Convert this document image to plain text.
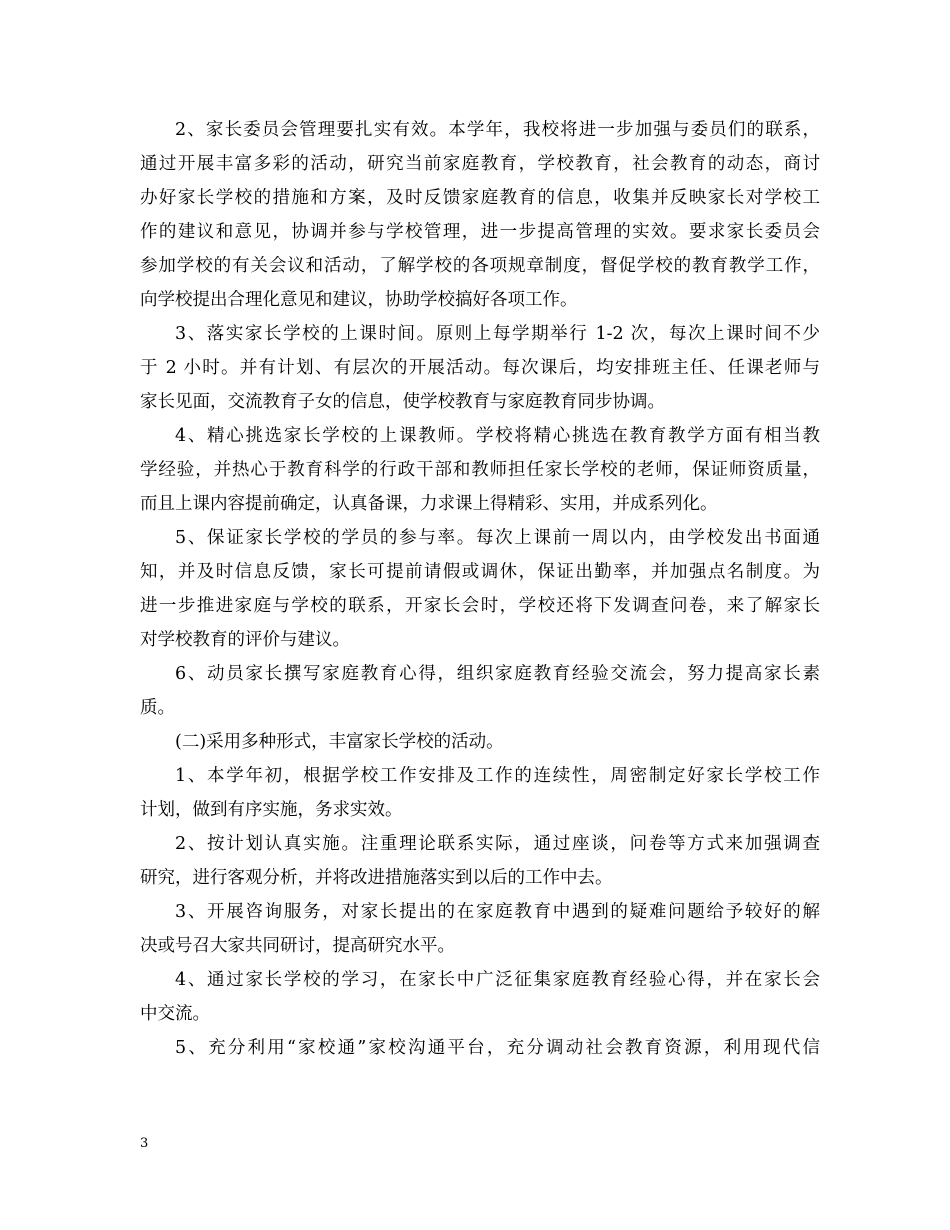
2、家长委员会管理要扎实有效。本学年，我校将进一步加强与委员们的联系，

通过开展丰富多彩的活动，研究当前家庭教育，学校教育，社会教育的动态，商讨

办好家长学校的措施和方案，及时反馈家庭教育的信息，收集并反映家长对学校工

作的建议和意见，协调并参与学校管理，进一步提高管理的实效。要求家长委员会

参加学校的有关会议和活动，了解学校的各项规章制度，督促学校的教育教学工作，

向学校提出合理化意见和建议，协助学校搞好各项工作。

3、落实家长学校的上课时间。原则上每学期举行 1-2 次，每次上课时间不少

于 2 小时。并有计划、有层次的开展活动。每次课后，均安排班主任、任课老师与

家长见面，交流教育子女的信息，使学校教育与家庭教育同步协调。

4、精心挑选家长学校的上课教师。学校将精心挑选在教育教学方面有相当教

学经验，并热心于教育科学的行政干部和教师担任家长学校的老师，保证师资质量，

而且上课内容提前确定，认真备课，力求课上得精彩、实用，并成系列化。

5、保证家长学校的学员的参与率。每次上课前一周以内，由学校发出书面通

知，并及时信息反馈，家长可提前请假或调休，保证出勤率，并加强点名制度。为

进一步推进家庭与学校的联系，开家长会时，学校还将下发调查问卷，来了解家长

对学校教育的评价与建议。

6、动员家长撰写家庭教育心得，组织家庭教育经验交流会，努力提高家长素

质。

(二)采用多种形式，丰富家长学校的活动。

1、本学年初，根据学校工作安排及工作的连续性，周密制定好家长学校工作

计划，做到有序实施，务求实效。

2、按计划认真实施。注重理论联系实际，通过座谈，问卷等方式来加强调查

研究，进行客观分析，并将改进措施落实到以后的工作中去。

3、开展咨询服务，对家长提出的在家庭教育中遇到的疑难问题给予较好的解

决或号召大家共同研讨，提高研究水平。

4、通过家长学校的学习，在家长中广泛征集家庭教育经验心得，并在家长会

中交流。

5、充分利用“家校通”家校沟通平台，充分调动社会教育资源，利用现代信

3
